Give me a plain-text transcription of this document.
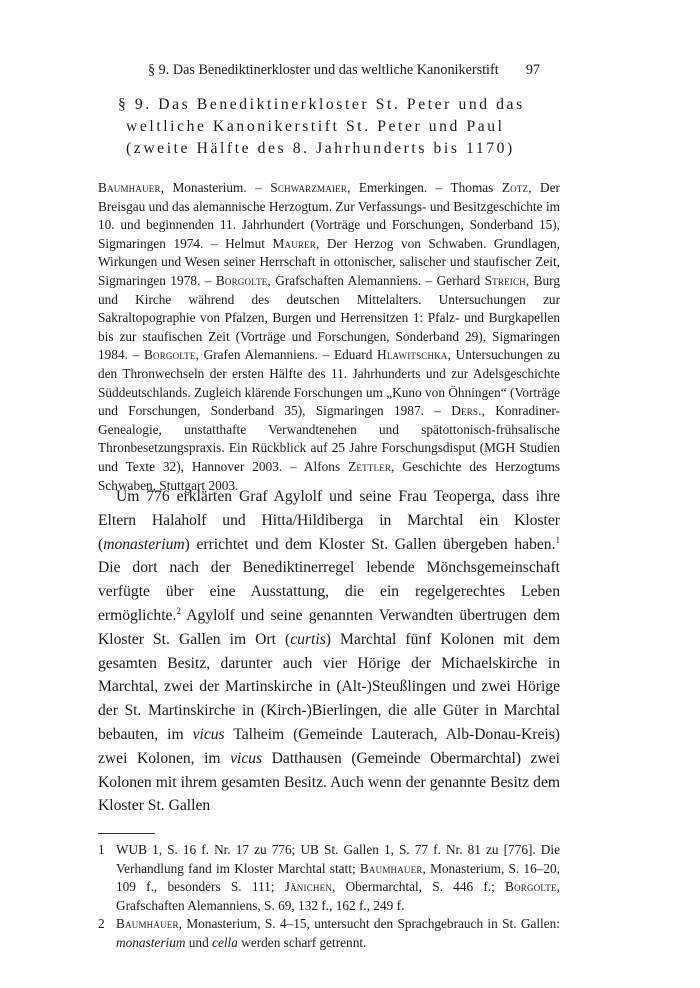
§ 9. Das Benediktinerkloster und das weltliche Kanonikerstift 97
§ 9. Das Benediktinerkloster St. Peter und das
weltliche Kanonikerstift St. Peter und Paul
(zweite Hälfte des 8. Jahrhunderts bis 1170)
Baumhauer, Monasterium. – Schwarzmaier, Emerkingen. – Thomas Zotz, Der Breisgau und das alemannische Herzogtum. Zur Verfassungs- und Besitzgeschichte im 10. und beginnenden 11. Jahrhundert (Vorträge und Forschungen, Sonderband 15), Sigmaringen 1974. – Helmut Maurer, Der Herzog von Schwaben. Grundlagen, Wirkungen und Wesen seiner Herrschaft in ottonischer, salischer und staufischer Zeit, Sigmaringen 1978. – Borgolte, Grafschaften Alemanniens. – Gerhard Streich, Burg und Kirche während des deutschen Mittelalters. Untersuchungen zur Sakraltopographie von Pfalzen, Burgen und Herrensitzen 1: Pfalz- und Burgkapellen bis zur staufischen Zeit (Vorträge und Forschungen, Sonderband 29), Sigmaringen 1984. – Borgolte, Grafen Alemanniens. – Eduard Hlawitschka, Untersuchungen zu den Thronwechseln der ersten Hälfte des 11. Jahrhunderts und zur Adelsgeschichte Süddeutschlands. Zugleich klärende Forschungen um „Kuno von Öhningen“ (Vorträge und Forschungen, Sonderband 35), Sigmaringen 1987. – Ders., Konradiner-Genealogie, unstatthafte Verwandtenehen und spätottonisch-frühsalische Thronbesetzungspraxis. Ein Rückblick auf 25 Jahre Forschungsdisput (MGH Studien und Texte 32), Hannover 2003. – Alfons Zettler, Geschichte des Herzogtums Schwaben, Stuttgart 2003.

Um 776 erklärten Graf Agylolf und seine Frau Teoperga, dass ihre Eltern Halaholf und Hitta/Hildiberga in Marchtal ein Kloster (monasterium) errichtet und dem Kloster St. Gallen übergeben haben.$^1$ Die dort nach der Benediktinerregel lebende Mönchsgemeinschaft verfügte über eine Ausstattung, die ein regelgerechtes Leben ermöglichte.$^2$ Agylolf und seine genannten Verwandten übertrugen dem Kloster St. Gallen im Ort (curtis) Marchtal fünf Kolonen mit dem gesamten Besitz, darunter auch vier Hörige der Michaelskirche in Marchtal, zwei der Martinskirche in (Alt-)Steußlingen und zwei Hörige der St. Martinskirche in (Kirch-)Bierlingen, die alle Güter in Marchtal bebauten, im vicus Talheim (Gemeinde Lauterach, Alb-Donau-Kreis) zwei Kolonen, im vicus Datthausen (Gemeinde Obermarchtal) zwei Kolonen mit ihrem gesamten Besitz. Auch wenn der genannte Besitz dem Kloster St. Gallen

1 WUB 1, S. 16 f. Nr. 17 zu 776; UB St. Gallen 1, S. 77 f. Nr. 81 zu [776]. Die Verhandlung fand im Kloster Marchtal statt; Baumhauer, Monasterium, S. 16–20, 109 f., besonders S. 111; Jänichen, Obermarchtal, S. 446 f.; Borgolte, Grafschaften Alemanniens, S. 69, 132 f., 162 f., 249 f.
2 Baumhauer, Monasterium, S. 4–15, untersucht den Sprachgebrauch in St. Gallen: monasterium und cella werden scharf getrennt.
